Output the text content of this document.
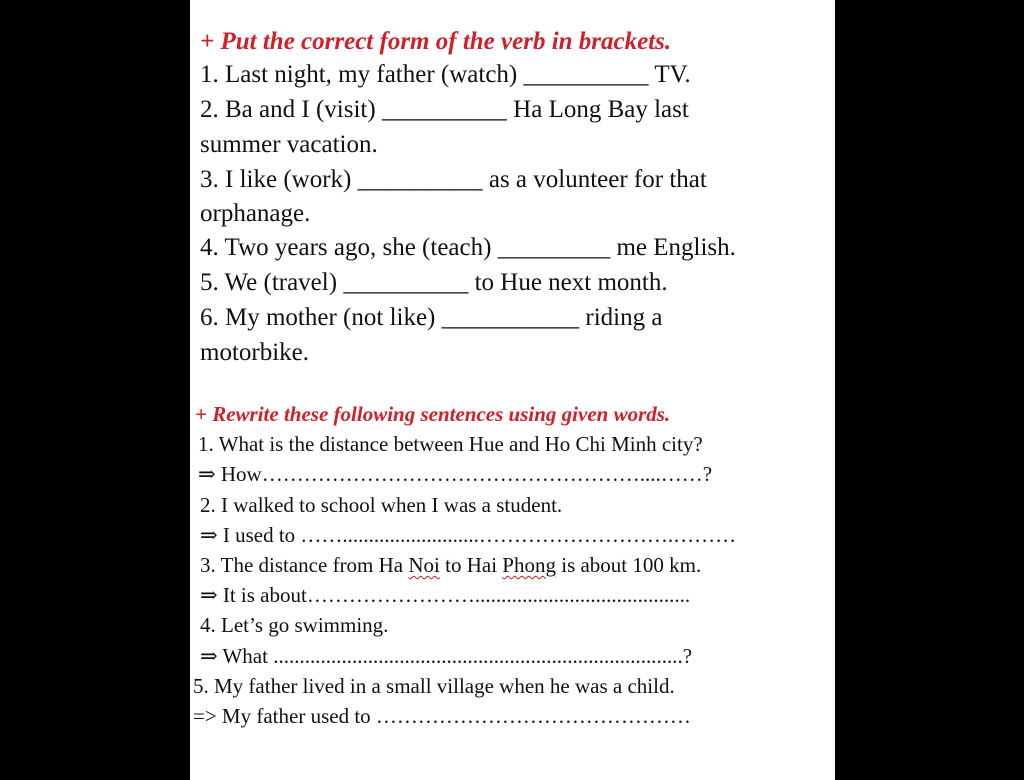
+ Put the correct form of the verb in brackets.
1. Last night, my father (watch) __________ TV.
2. Ba and I (visit) __________ Ha Long Bay last
summer vacation.
3. I like (work) __________ as a volunteer for that
orphanage.
4. Two years ago, she (teach) _________ me English.
5. We (travel) __________ to Hue next month.
6. My mother (not like) ___________ riding a
motorbike.
+ Rewrite these following sentences using given words.
1. What is the distance between Hue and Ho Chi Minh city?
⇒ How………………………………………………....……?
2. I walked to school when I was a student.
⇒ I used to ……..........................……………………….………
3. The distance from Ha Noi to Hai Phong is about 100 km.
⇒ It is about…………………….........................................
4. Let’s go swimming.
⇒ What ..............................................................................?
5. My father lived in a small village when he was a child.
=> My father used to ………………………………………
